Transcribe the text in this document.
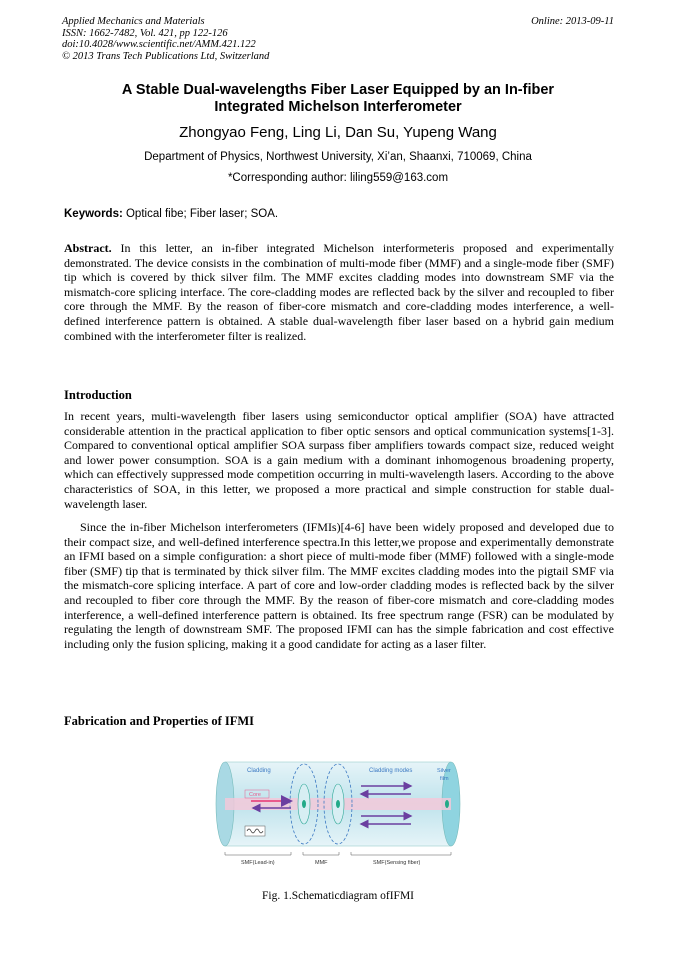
Applied Mechanics and Materials
ISSN: 1662-7482, Vol. 421, pp 122-126
doi:10.4028/www.scientific.net/AMM.421.122
© 2013 Trans Tech Publications Ltd, Switzerland
Online: 2013-09-11
A Stable Dual-wavelengths Fiber Laser Equipped by an In-fiber
Integrated Michelson Interferometer
Zhongyao Feng, Ling Li, Dan Su, Yupeng Wang
Department of Physics, Northwest University, Xi’an, Shaanxi, 710069, China
*Corresponding author: liling559@163.com
Keywords: Optical fibe; Fiber laser; SOA.

Abstract. In this letter, an in-fiber integrated Michelson interformeteris proposed and experimentally demonstrated. The device consists in the combination of multi-mode fiber (MMF) and a single-mode fiber (SMF) tip which is covered by thick silver film. The MMF excites cladding modes into downstream SMF via the mismatch-core splicing interface. The core-cladding modes are reflected back by the silver and recoupled to fiber core through the MMF. By the reason of fiber-core mismatch and core-cladding modes interference, a well-defined interference pattern is obtained. A stable dual-wavelength fiber laser based on a hybrid gain medium combined with the interferometer filter is realized.

Introduction

In recent years, multi-wavelength fiber lasers using semiconductor optical amplifier (SOA) have attracted considerable attention in the practical application to fiber optic sensors and optical communication systems[1-3]. Compared to conventional optical amplifier SOA surpass fiber amplifiers towards compact size, reduced weight and lower power consumption. SOA is a gain medium with a dominant inhomogenous broadening property, which can effectively suppressed mode competition occurring in multi-wavelength lasers. According to the above characteristics of SOA, in this letter, we proposed a more practical and simple construction for stable dual-wavelength laser.

Since the in-fiber Michelson interferometers (IFMIs)[4-6] have been widely proposed and developed due to their compact size, and well-defined interference spectra.In this letter,we propose and experimentally demonstrate an IFMI based on a simple configuration: a short piece of multi-mode fiber (MMF) followed with a single-mode fiber (SMF) tip that is terminated by thick silver film. The MMF excites cladding modes into the pigtail SMF via the mismatch-core splicing interface. A part of core and low-order cladding modes is reflected back by the silver and recoupled to fiber core through the MMF. By the reason of fiber-core mismatch and core-cladding modes interference, a well-defined interference pattern is obtained. Its free spectrum range (FSR) can be modulated by regulating the length of downstream SMF. The proposed IFMI can has the simple fabrication and cost effective including only the fusion splicing, making it a good candidate for acting as a laser filter.

Fabrication and Properties of IFMI
Cladding
Core
Cladding modes	Silver
film
SMF(Lead-in)	MMF	SMF(Sensing fiber)
Fig. 1.Schematicdiagram ofIFMI
